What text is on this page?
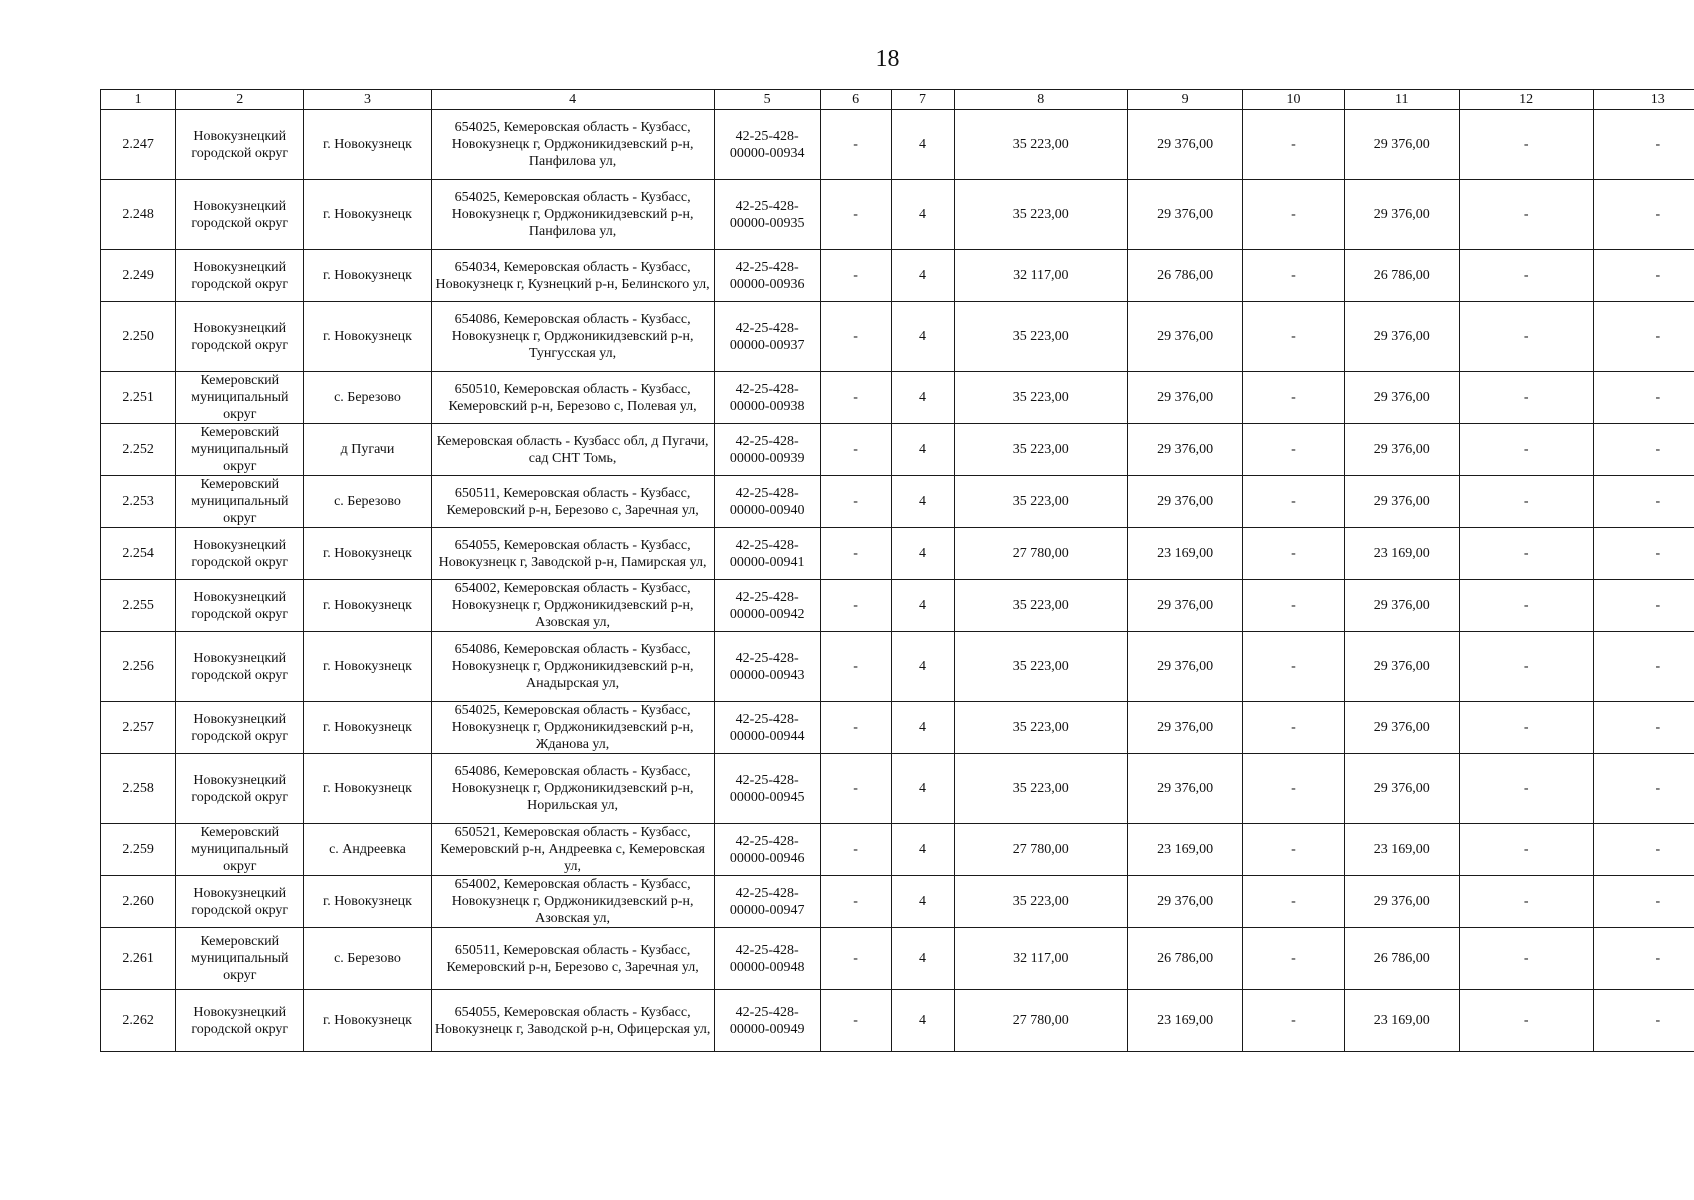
18
1	2	3	4	5	6	7	8	9	10	11	12	13
2.247	Новокузнецкий городской округ	г. Новокузнецк	654025, Кемеровская область - Кузбасс, Новокузнецк г, Орджоникидзевский р-н, Панфилова ул,	42-25-428-00000-00934	-	4	35 223,00	29 376,00	-	29 376,00	-	-
2.248	Новокузнецкий городской округ	г. Новокузнецк	654025, Кемеровская область - Кузбасс, Новокузнецк г, Орджоникидзевский р-н, Панфилова ул,	42-25-428-00000-00935	-	4	35 223,00	29 376,00	-	29 376,00	-	-
2.249	Новокузнецкий городской округ	г. Новокузнецк	654034, Кемеровская область - Кузбасс, Новокузнецк г, Кузнецкий р-н, Белинского ул,	42-25-428-00000-00936	-	4	32 117,00	26 786,00	-	26 786,00	-	-
2.250	Новокузнецкий городской округ	г. Новокузнецк	654086, Кемеровская область - Кузбасс, Новокузнецк г, Орджоникидзевский р-н, Тунгусская ул,	42-25-428-00000-00937	-	4	35 223,00	29 376,00	-	29 376,00	-	-
2.251	Кемеровский муниципальный округ	с. Березово	650510, Кемеровская область - Кузбасс, Кемеровский р-н, Березово с, Полевая ул,	42-25-428-00000-00938	-	4	35 223,00	29 376,00	-	29 376,00	-	-
2.252	Кемеровский муниципальный округ	д Пугачи	Кемеровская область - Кузбасс обл, д Пугачи, сад СНТ Томь,	42-25-428-00000-00939	-	4	35 223,00	29 376,00	-	29 376,00	-	-
2.253	Кемеровский муниципальный округ	с. Березово	650511, Кемеровская область - Кузбасс, Кемеровский р-н, Березово с, Заречная ул,	42-25-428-00000-00940	-	4	35 223,00	29 376,00	-	29 376,00	-	-
2.254	Новокузнецкий городской округ	г. Новокузнецк	654055, Кемеровская область - Кузбасс, Новокузнецк г, Заводской р-н, Памирская ул,	42-25-428-00000-00941	-	4	27 780,00	23 169,00	-	23 169,00	-	-
2.255	Новокузнецкий городской округ	г. Новокузнецк	654002, Кемеровская область - Кузбасс, Новокузнецк г, Орджоникидзевский р-н, Азовская ул,	42-25-428-00000-00942	-	4	35 223,00	29 376,00	-	29 376,00	-	-
2.256	Новокузнецкий городской округ	г. Новокузнецк	654086, Кемеровская область - Кузбасс, Новокузнецк г, Орджоникидзевский р-н, Анадырская ул,	42-25-428-00000-00943	-	4	35 223,00	29 376,00	-	29 376,00	-	-
2.257	Новокузнецкий городской округ	г. Новокузнецк	654025, Кемеровская область - Кузбасс, Новокузнецк г, Орджоникидзевский р-н, Жданова ул,	42-25-428-00000-00944	-	4	35 223,00	29 376,00	-	29 376,00	-	-
2.258	Новокузнецкий городской округ	г. Новокузнецк	654086, Кемеровская область - Кузбасс, Новокузнецк г, Орджоникидзевский р-н, Норильская ул,	42-25-428-00000-00945	-	4	35 223,00	29 376,00	-	29 376,00	-	-
2.259	Кемеровский муниципальный округ	с. Андреевка	650521, Кемеровская область - Кузбасс, Кемеровский р-н, Андреевка с, Кемеровская ул,	42-25-428-00000-00946	-	4	27 780,00	23 169,00	-	23 169,00	-	-
2.260	Новокузнецкий городской округ	г. Новокузнецк	654002, Кемеровская область - Кузбасс, Новокузнецк г, Орджоникидзевский р-н, Азовская ул,	42-25-428-00000-00947	-	4	35 223,00	29 376,00	-	29 376,00	-	-
2.261	Кемеровский муниципальный округ	с. Березово	650511, Кемеровская область - Кузбасс, Кемеровский р-н, Березово с, Заречная ул,	42-25-428-00000-00948	-	4	32 117,00	26 786,00	-	26 786,00	-	-
2.262	Новокузнецкий городской округ	г. Новокузнецк	654055, Кемеровская область - Кузбасс, Новокузнецк г, Заводской р-н, Офицерская ул,	42-25-428-00000-00949	-	4	27 780,00	23 169,00	-	23 169,00	-	-
